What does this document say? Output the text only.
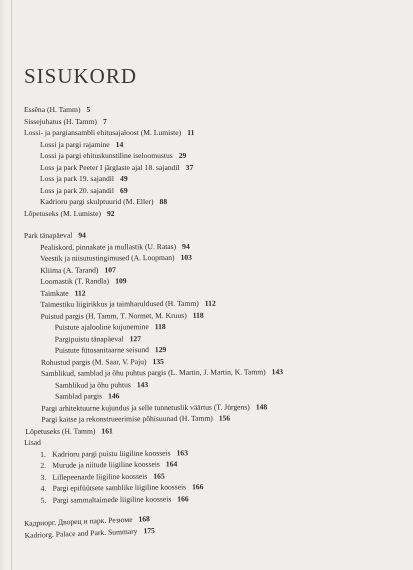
SISUKORD
Essēna (H. Tamm) 5
Sissejuhatus (H. Tamm) 7
Lossi- ja pargiansambli ehitusajaloost (M. Lumiste) 11
Lossi ja pargi rajamine 14
Lossi ja pargi ehituskunstiline iseloomustus 29
Loss ja park Peeter I järglaste ajal 18. sajandil 37
Loss ja park 19. sajandil 49
Loss ja park 20. sajandil 69
Kadrioru pargi skulptuurid (M. Eller) 88
Lõpetuseks (M. Lumiste) 92
Park tänapäeval 94
Pealiskord, pinnakate ja mullastik (U. Ratas) 94
Veestik ja niisutustingimused (A. Loopman) 103
Kliima (A. Tarand) 107
Loomastik (T. Randla) 109
Taimkate 112
Taimestiku liigirikkus ja taimharuldused (H. Tamm) 112
Puistud pargis (H. Tamm, T. Normet, M. Kruus) 118
Puistute ajalooline kujunemine 118
Pargipuistu tänapäeval 127
Puistute fütosanitaarne seisund 129
Rohustud pargis (M. Saar, V. Paju) 135
Samblikud, samblad ja õhu puhtus pargis (L. Martin, J. Martin, K. Tamm) 143
Samblikud ja õhu puhtus 143
Samblad pargis 146
Pargi arhitektuurne kujundus ja selle tunnetuslik väärtus (T. Jürgens) 148
Pargi kaitse ja rekonstrueerimise põhisuunad (H. Tamm) 156
Lõpetuseks (H. Tamm) 161
Lisad
1. Kadrioru pargi puistu liigiline koosseis 163
2. Murude ja niitude liigiline koosseis 164
3. Lillepeenarde liigiline koosseis 165
4. Pargi epifüütsete samblike liigiline koosseis 166
5. Pargi sammaltaimede liigiline koosseis 166
Кадриорг. Дворец и парк. Резюме 168
Kadriorg. Palace and Park. Summary 175
